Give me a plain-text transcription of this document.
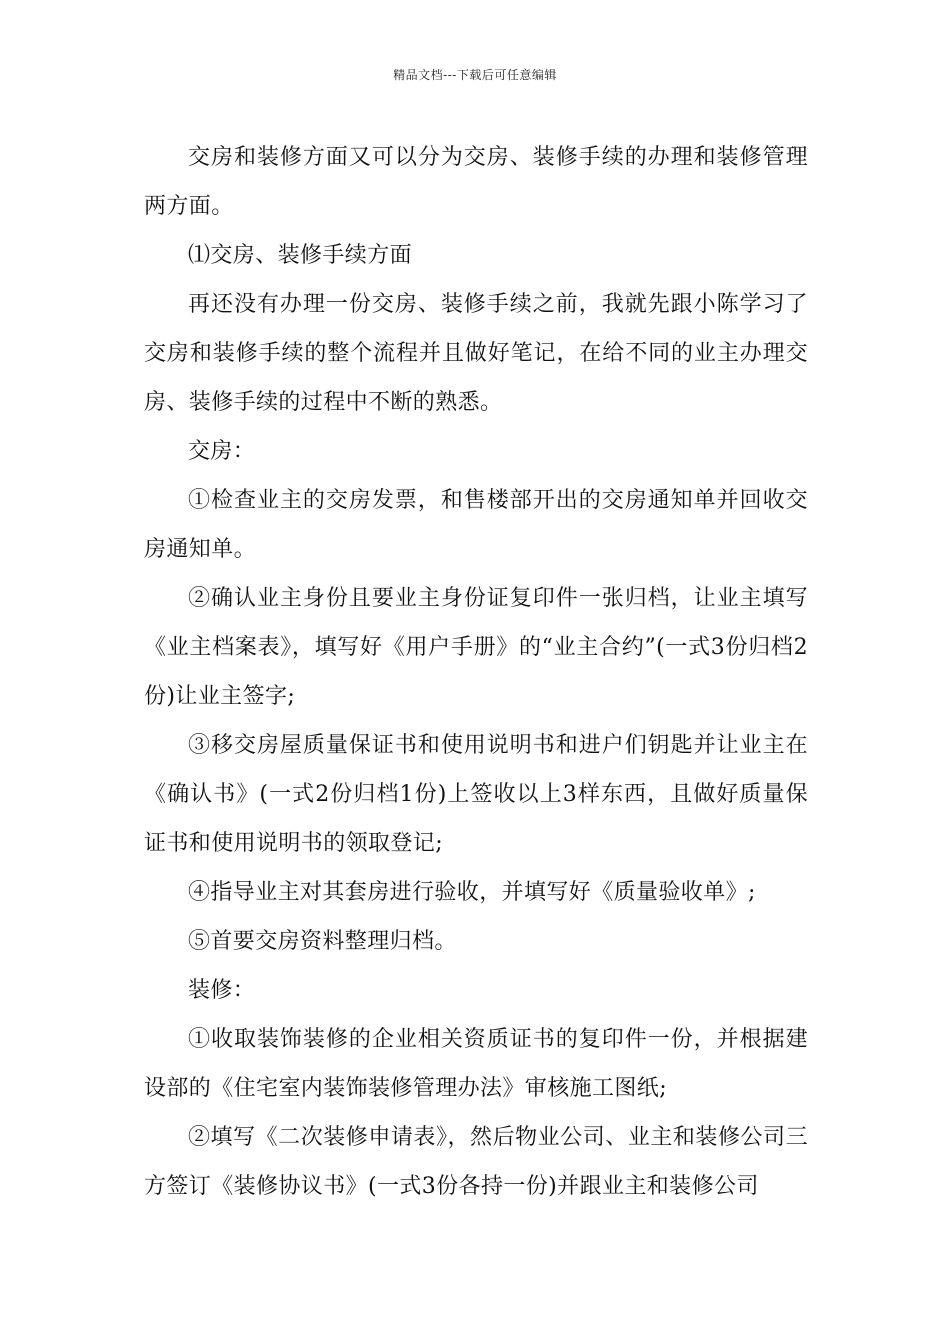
精品文档---下载后可任意编辑

交房和装修方面又可以分为交房、装修手续的办理和装修管理两方面。

⑴交房、装修手续方面

再还没有办理一份交房、装修手续之前，我就先跟小陈学习了交房和装修手续的整个流程并且做好笔记，在给不同的业主办理交房、装修手续的过程中不断的熟悉。

交房：

①检查业主的交房发票，和售楼部开出的交房通知单并回收交房通知单。

②确认业主身份且要业主身份证复印件一张归档，让业主填写《业主档案表》，填写好《用户手册》的“业主合约”(一式3份归档2份)让业主签字;

③移交房屋质量保证书和使用说明书和进户们钥匙并让业主在《确认书》(一式2份归档1份)上签收以上3样东西，且做好质量保证书和使用说明书的领取登记;

④指导业主对其套房进行验收，并填写好《质量验收单》;

⑤首要交房资料整理归档。

装修：

①收取装饰装修的企业相关资质证书的复印件一份，并根据建设部的《住宅室内装饰装修管理办法》审核施工图纸;

②填写《二次装修申请表》，然后物业公司、业主和装修公司三方签订《装修协议书》(一式3份各持一份)并跟业主和装修公司
